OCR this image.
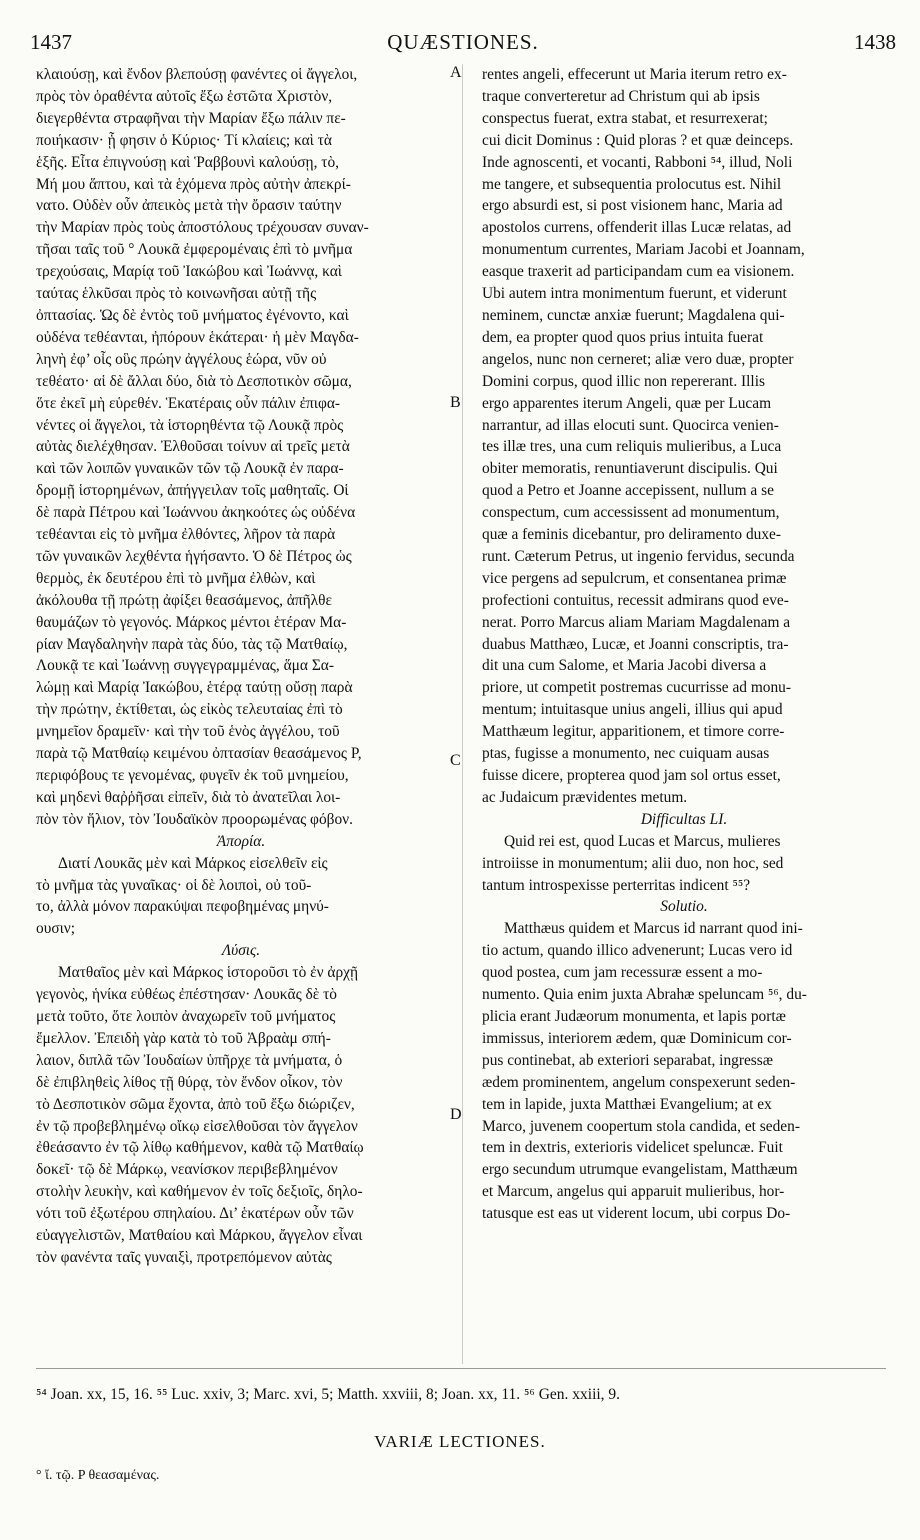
1437	QUÆSTIONES.	1438
A
B
C
D
κλαιούσῃ, καὶ ἔνδον βλεπούσῃ φανέντες οἱ ἄγγελοι,
πρὸς τὸν ὁραθέντα αὐτοῖς ἔξω ἑστῶτα Χριστὸν,
διεγερθέντα στραφῆναι τὴν Μαρίαν ἔξω πάλιν πε-
ποιήκασιν· ᾗ φησιν ὁ Κύριος· Τί κλαίεις; καὶ τὰ
ἑξῆς. Εἶτα ἐπιγνούσῃ καὶ Ῥαββουνὶ καλούσῃ, τὸ,
Μή μου ἅπτου, καὶ τὰ ἑχόμενα πρὸς αὐτὴν ἀπεκρί-
νατο. Οὐδὲν οὖν ἀπεικὸς μετὰ τὴν ὄρασιν ταύτην
τὴν Μαρίαν πρὸς τοὺς ἀποστόλους τρέχουσαν συναν-
τῆσαι ταῖς τοῦ ° Λουκᾶ ἐμφερομέναις ἐπὶ τὸ μνῆμα
τρεχούσαις, Μαρίᾳ τοῦ Ἰακώβου καὶ Ἰωάννᾳ, καὶ
ταύτας ἑλκῦσαι πρὸς τὸ κοινωνῆσαι αὐτῇ τῆς
ὀπτασίας. Ὡς δὲ ἐντὸς τοῦ μνήματος ἐγένοντο, καὶ
οὐδένα τεθέανται, ἠπόρουν ἑκάτεραι· ἡ μὲν Μαγδα-
ληνὴ ἐφ’ οἷς οὓς πρώην ἀγγέλους ἑώρα, νῦν οὐ
τεθέατο· αἱ δὲ ἄλλαι δύο, διὰ τὸ Δεσποτικὸν σῶμα,
ὅτε ἐκεῖ μὴ εὑρεθέν. Ἑκατέραις οὖν πάλιν ἐπιφα-
νέντες οἱ ἄγγελοι, τὰ ἱστορηθέντα τῷ Λουκᾷ πρὸς
αὐτὰς διελέχθησαν. Ἐλθοῦσαι τοίνυν αἱ τρεῖς μετὰ
καὶ τῶν λοιπῶν γυναικῶν τῶν τῷ Λουκᾷ ἐν παρα-
δρομῇ ἱστορημένων, ἀπήγγειλαν τοῖς μαθηταῖς. Οἱ
δὲ παρὰ Πέτρου καὶ Ἰωάννου ἀκηκοότες ὡς οὐδένα
τεθέανται εἰς τὸ μνῆμα ἐλθόντες, λῆρον τὰ παρὰ
τῶν γυναικῶν λεχθέντα ἡγήσαντο. Ὁ δὲ Πέτρος ὡς
θερμὸς, ἐκ δευτέρου ἐπὶ τὸ μνῆμα ἐλθὼν, καὶ
ἀκόλουθα τῇ πρώτῃ ἀφίξει θεασάμενος, ἀπῆλθε
θαυμάζων τὸ γεγονός. Μάρκος μέντοι ἑτέραν Μα-
ρίαν Μαγδαληνὴν παρὰ τὰς δύο, τὰς τῷ Ματθαίῳ,
Λουκᾷ τε καὶ Ἰωάννῃ συγγεγραμμένας, ἅμα Σα-
λώμῃ καὶ Μαρίᾳ Ἰακώβου, ἑτέρᾳ ταύτῃ οὔσῃ παρὰ
τὴν πρώτην, ἐκτίθεται, ὡς εἰκὸς τελευταίας ἐπὶ τὸ
μνημεῖον δραμεῖν· καὶ τὴν τοῦ ἑνὸς ἀγγέλου, τοῦ
παρὰ τῷ Ματθαίῳ κειμένου ὀπτασίαν θεασάμενος P,
περιφόβους τε γενομένας, φυγεῖν ἐκ τοῦ μνημείου,
καὶ μηδενὶ θαῤῥῆσαι εἰπεῖν, διὰ τὸ ἀνατεῖλαι λοι-
πὸν τὸν ἥλιον, τὸν Ἰουδαϊκὸν προορωμένας φόβον.
Ἀπορία.
Διατί Λουκᾶς μὲν καὶ Μάρκος εἰσελθεῖν εἰς
τὸ μνῆμα τὰς γυναῖκας· οἱ δὲ λοιποὶ, οὐ τοῦ-
το, ἀλλὰ μόνον παρακύψαι πεφοβημένας μηνύ-
ουσιν;
Λύσις.
Ματθαῖος μὲν καὶ Μάρκος ἱστοροῦσι τὸ ἐν ἀρχῇ
γεγονὸς, ἡνίκα εὐθέως ἐπέστησαν· Λουκᾶς δὲ τὸ
μετὰ τοῦτο, ὅτε λοιπὸν ἀναχωρεῖν τοῦ μνήματος
ἔμελλον. Ἐπειδὴ γὰρ κατὰ τὸ τοῦ Ἀβραὰμ σπή-
λαιον, διπλᾶ τῶν Ἰουδαίων ὑπῆρχε τὰ μνήματα, ὁ
δὲ ἐπιβληθεὶς λίθος τῇ θύρᾳ, τὸν ἔνδον οἶκον, τὸν
τὸ Δεσποτικὸν σῶμα ἔχοντα, ἀπὸ τοῦ ἔξω διώριζεν,
ἐν τῷ προβεβλημένῳ οἴκῳ εἰσελθοῦσαι τὸν ἄγγελον
ἐθεάσαντο ἐν τῷ λίθῳ καθήμενον, καθὰ τῷ Ματθαίῳ
δοκεῖ· τῷ δὲ Μάρκῳ, νεανίσκον περιβεβλημένον
στολὴν λευκὴν, καὶ καθήμενον ἐν τοῖς δεξιοῖς, δηλο-
νότι τοῦ ἐξωτέρου σπηλαίου. Δι’ ἑκατέρων οὖν τῶν
εὐαγγελιστῶν, Ματθαίου καὶ Μάρκου, ἄγγελον εἶναι
τὸν φανέντα ταῖς γυναιξὶ, προτρεπόμενον αὐτὰς
rentes angeli, effecerunt ut Maria iterum retro ex-
traque converteretur ad Christum qui ab ipsis
conspectus fuerat, extra stabat, et resurrexerat;
cui dicit Dominus : Quid ploras ? et quæ deinceps.
Inde agnoscenti, et vocanti, Rabboni ⁵⁴, illud, Noli
me tangere, et subsequentia prolocutus est. Nihil
ergo absurdi est, si post visionem hanc, Maria ad
apostolos currens, offenderit illas Lucæ relatas, ad
monumentum currentes, Mariam Jacobi et Joannam,
easque traxerit ad participandam cum ea visionem.
Ubi autem intra monimentum fuerunt, et viderunt
neminem, cunctæ anxiæ fuerunt; Magdalena qui-
dem, ea propter quod quos prius intuita fuerat
angelos, nunc non cerneret; aliæ vero duæ, propter
Domini corpus, quod illic non repererant. Illis
ergo apparentes iterum Angeli, quæ per Lucam
narrantur, ad illas elocuti sunt. Quocirca venien-
tes illæ tres, una cum reliquis mulieribus, a Luca
obiter memoratis, renuntiaverunt discipulis. Qui
quod a Petro et Joanne accepissent, nullum a se
conspectum, cum accessissent ad monumentum,
quæ a feminis dicebantur, pro deliramento duxe-
runt. Cæterum Petrus, ut ingenio fervidus, secunda
vice pergens ad sepulcrum, et consentanea primæ
profectioni contuitus, recessit admirans quod eve-
nerat. Porro Marcus aliam Mariam Magdalenam a
duabus Matthæo, Lucæ, et Joanni conscriptis, tra-
dit una cum Salome, et Maria Jacobi diversa a
priore, ut competit postremas cucurrisse ad monu-
mentum; intuitasque unius angeli, illius qui apud
Matthæum legitur, apparitionem, et timore corre-
ptas, fugisse a monumento, nec cuiquam ausas
fuisse dicere, propterea quod jam sol ortus esset,
ac Judaicum prævidentes metum.
Difficultas LI.
Quid rei est, quod Lucas et Marcus, mulieres
introiisse in monumentum; alii duo, non hoc, sed
tantum introspexisse perterritas indicent ⁵⁵?
Solutio.
Matthæus quidem et Marcus id narrant quod ini-
tio actum, quando illico advenerunt; Lucas vero id
quod postea, cum jam recessuræ essent a mo-
numento. Quia enim juxta Abrahæ speluncam ⁵⁶, du-
plicia erant Judæorum monumenta, et lapis portæ
immissus, interiorem ædem, quæ Dominicum cor-
pus continebat, ab exteriori separabat, ingressæ
ædem prominentem, angelum conspexerunt seden-
tem in lapide, juxta Matthæi Evangelium; at ex
Marco, juvenem coopertum stola candida, et seden-
tem in dextris, exterioris videlicet speluncæ. Fuit
ergo secundum utrumque evangelistam, Matthæum
et Marcum, angelus qui apparuit mulieribus, hor-
tatusque est eas ut viderent locum, ubi corpus Do-
⁵⁴ Joan. xx, 15, 16. ⁵⁵ Luc. xxiv, 3; Marc. xvi, 5; Matth. xxviii, 8; Joan. xx, 11. ⁵⁶ Gen. xxiii, 9.
VARIÆ LECTIONES.
° ἴ. τῷ. P θεασαμένας.
